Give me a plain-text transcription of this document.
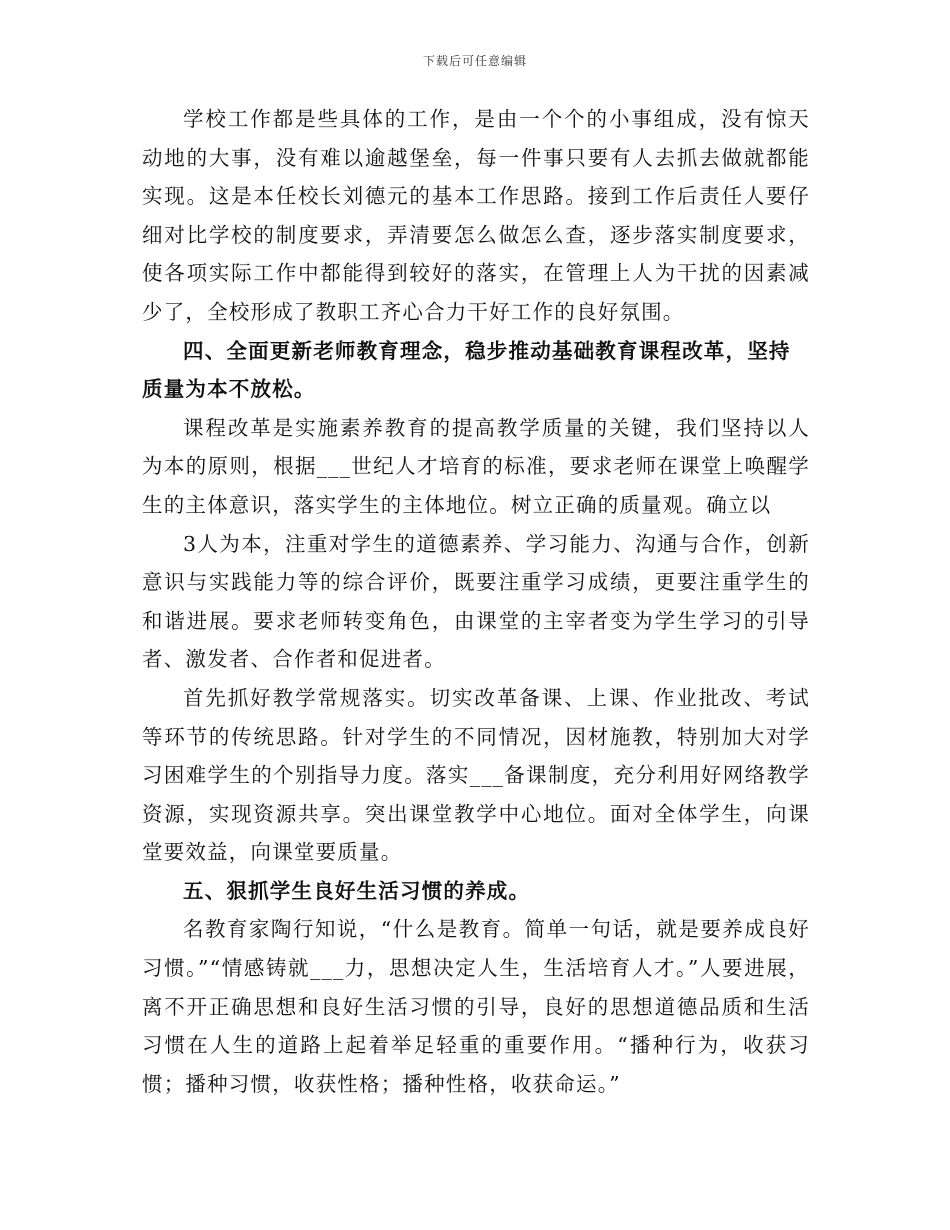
下载后可任意编辑

学校工作都是些具体的工作，是由一个个的小事组成，没有惊天动地的大事，没有难以逾越堡垒，每一件事只要有人去抓去做就都能实现。这是本任校长刘德元的基本工作思路。接到工作后责任人要仔细对比学校的制度要求，弄清要怎么做怎么查，逐步落实制度要求，使各项实际工作中都能得到较好的落实，在管理上人为干扰的因素减少了，全校形成了教职工齐心合力干好工作的良好氛围。

四、全面更新老师教育理念，稳步推动基础教育课程改革，坚持质量为本不放松。

课程改革是实施素养教育的提高教学质量的关键，我们坚持以人为本的原则，根据___世纪人才培育的标准，要求老师在课堂上唤醒学生的主体意识，落实学生的主体地位。树立正确的质量观。确立以

3人为本，注重对学生的道德素养、学习能力、沟通与合作，创新意识与实践能力等的综合评价，既要注重学习成绩，更要注重学生的和谐进展。要求老师转变角色，由课堂的主宰者变为学生学习的引导者、激发者、合作者和促进者。

首先抓好教学常规落实。切实改革备课、上课、作业批改、考试等环节的传统思路。针对学生的不同情况，因材施教，特别加大对学习困难学生的个别指导力度。落实___备课制度，充分利用好网络教学资源，实现资源共享。突出课堂教学中心地位。面对全体学生，向课堂要效益，向课堂要质量。

五、狠抓学生良好生活习惯的养成。

名教育家陶行知说，“什么是教育。简单一句话，就是要养成良好习惯。”“情感铸就___力，思想决定人生，生活培育人才。”人要进展，离不开正确思想和良好生活习惯的引导，良好的思想道德品质和生活习惯在人生的道路上起着举足轻重的重要作用。“播种行为，收获习惯；播种习惯，收获性格；播种性格，收获命运。”
